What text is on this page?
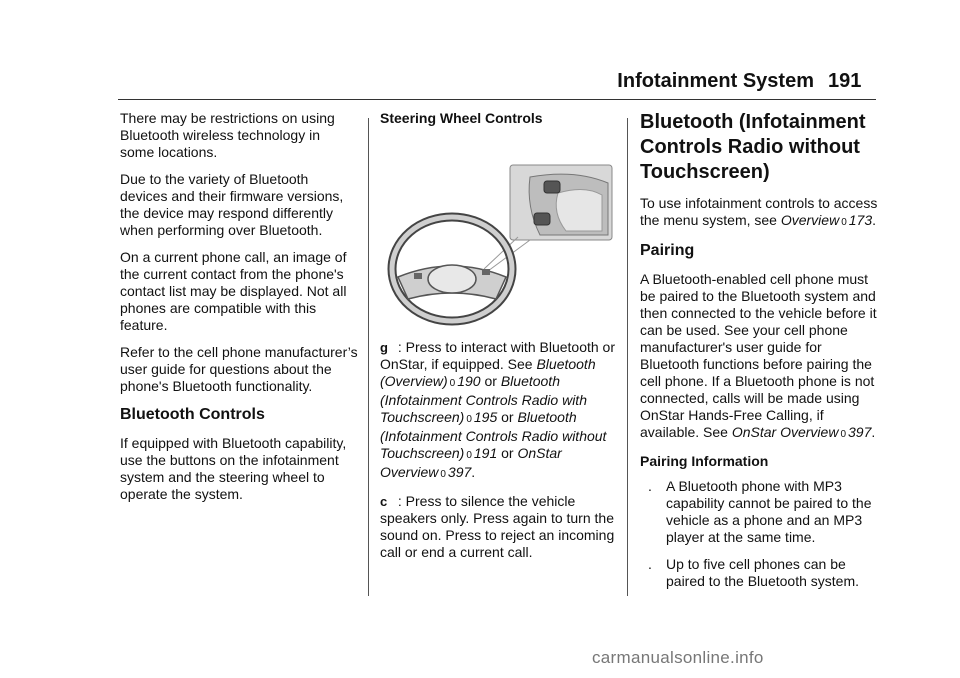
Infotainment System 191

There may be restrictions on using Bluetooth wireless technology in some locations.

Due to the variety of Bluetooth devices and their firmware versions, the device may respond differently when performing over Bluetooth.

On a current phone call, an image of the current contact from the phone's contact list may be displayed. Not all phones are compatible with this feature.

Refer to the cell phone manufacturer’s user guide for questions about the phone's Bluetooth functionality.

Bluetooth Controls

If equipped with Bluetooth capability, use the buttons on the infotainment system and the steering wheel to operate the system.

Steering Wheel Controls

g : Press to interact with Bluetooth or OnStar, if equipped. See Bluetooth (Overview) 0 190 or Bluetooth (Infotainment Controls Radio with Touchscreen) 0 195 or Bluetooth (Infotainment Controls Radio without Touchscreen) 0 191 or OnStar Overview 0 397.

c : Press to silence the vehicle speakers only. Press again to turn the sound on. Press to reject an incoming call or end a current call.

Bluetooth (Infotainment Controls Radio without Touchscreen)

To use infotainment controls to access the menu system, see Overview 0 173.

Pairing

A Bluetooth-enabled cell phone must be paired to the Bluetooth system and then connected to the vehicle before it can be used. See your cell phone manufacturer's user guide for Bluetooth functions before pairing the cell phone. If a Bluetooth phone is not connected, calls will be made using OnStar Hands-Free Calling, if available. See OnStar Overview 0 397.

Pairing Information
. A Bluetooth phone with MP3 capability cannot be paired to the vehicle as a phone and an MP3 player at the same time.
. Up to five cell phones can be paired to the Bluetooth system.
carmanualsonline.info
